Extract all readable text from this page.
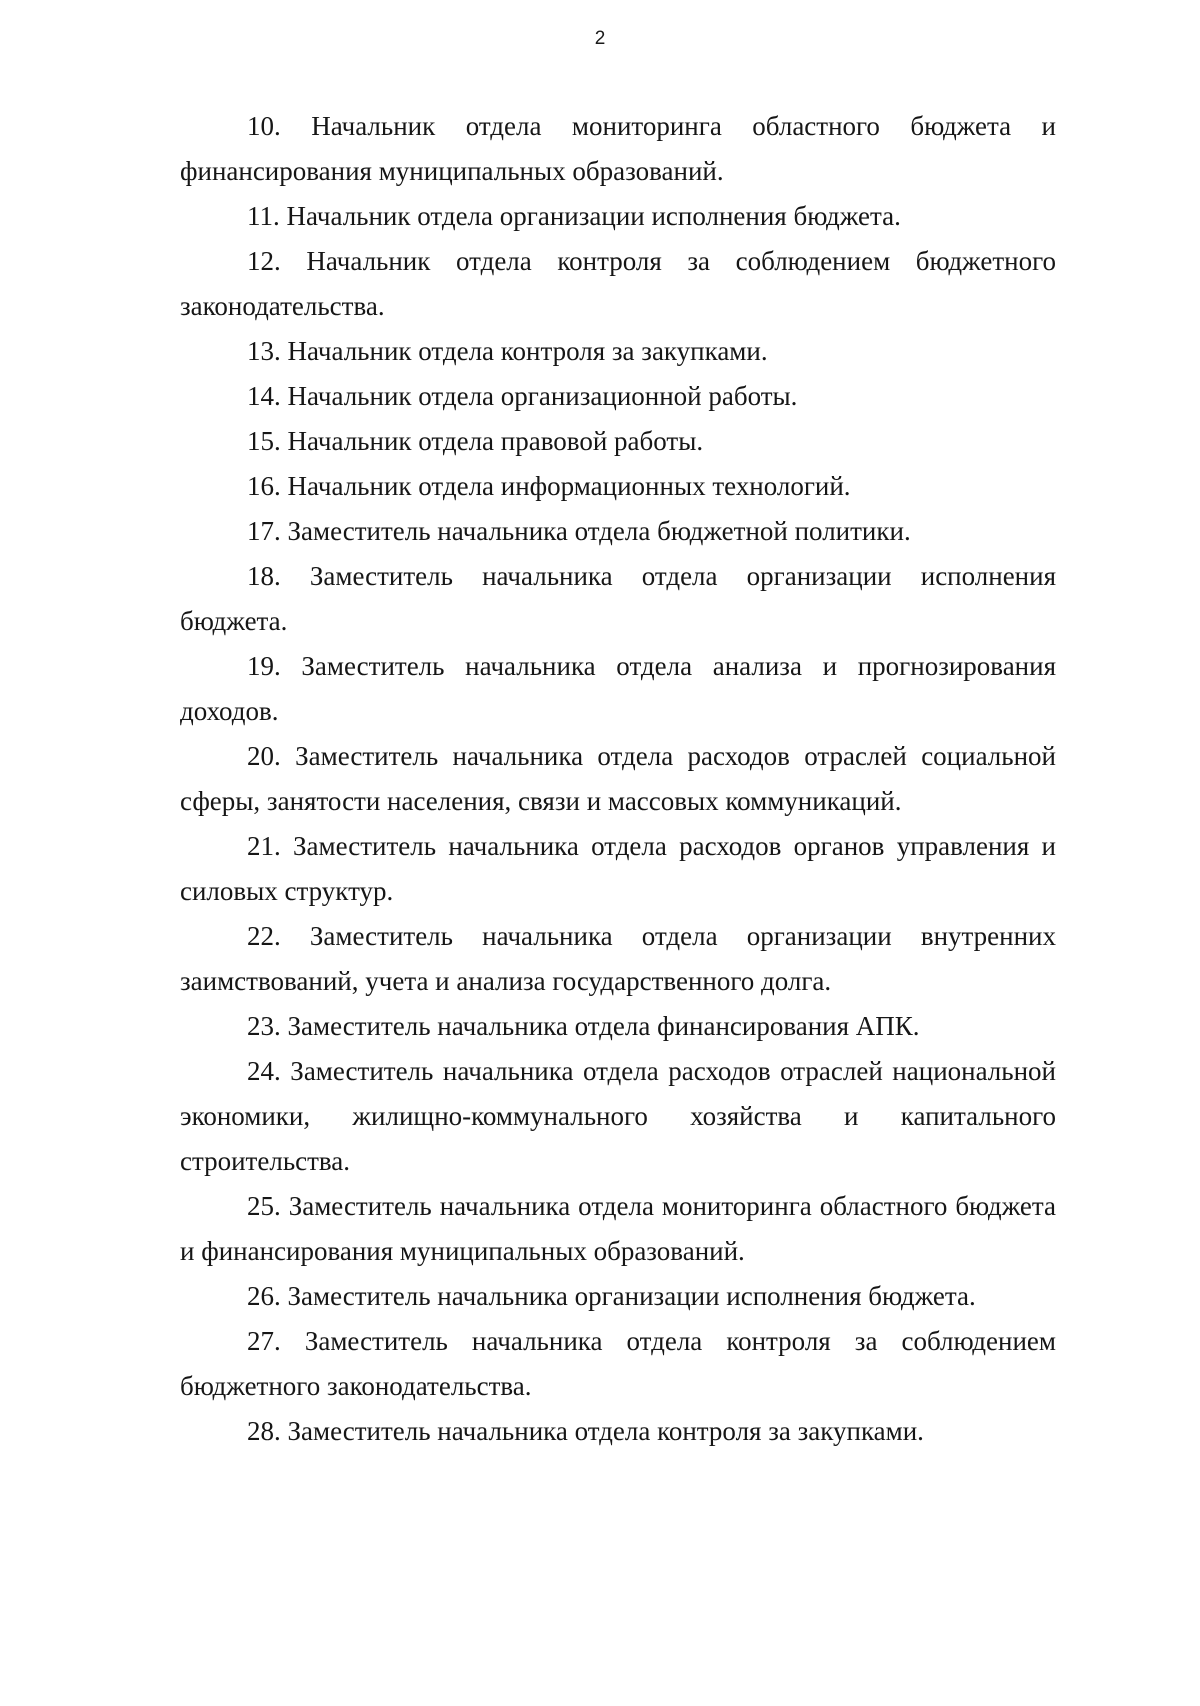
2

10. Начальник отдела мониторинга областного бюджета и финансирования муниципальных образований.

11. Начальник отдела организации исполнения бюджета.

12. Начальник отдела контроля за соблюдением бюджетного законодательства.

13. Начальник отдела контроля за закупками.

14. Начальник отдела организационной работы.

15. Начальник отдела правовой работы.

16. Начальник отдела информационных технологий.

17. Заместитель начальника отдела бюджетной политики.

18. Заместитель начальника отдела организации исполнения бюджета.

19. Заместитель начальника отдела анализа и прогнозирования доходов.

20. Заместитель начальника отдела расходов отраслей социальной сферы, занятости населения, связи и массовых коммуникаций.

21. Заместитель начальника отдела расходов органов управления и силовых структур.

22. Заместитель начальника отдела организации внутренних заимствований, учета и анализа государственного долга.

23. Заместитель начальника отдела финансирования АПК.

24. Заместитель начальника отдела расходов отраслей национальной экономики, жилищно-коммунального хозяйства и капитального строительства.

25. Заместитель начальника отдела мониторинга областного бюджета и финансирования муниципальных образований.

26. Заместитель начальника организации исполнения бюджета.

27. Заместитель начальника отдела контроля за соблюдением бюджетного законодательства.

28. Заместитель начальника отдела контроля за закупками.
